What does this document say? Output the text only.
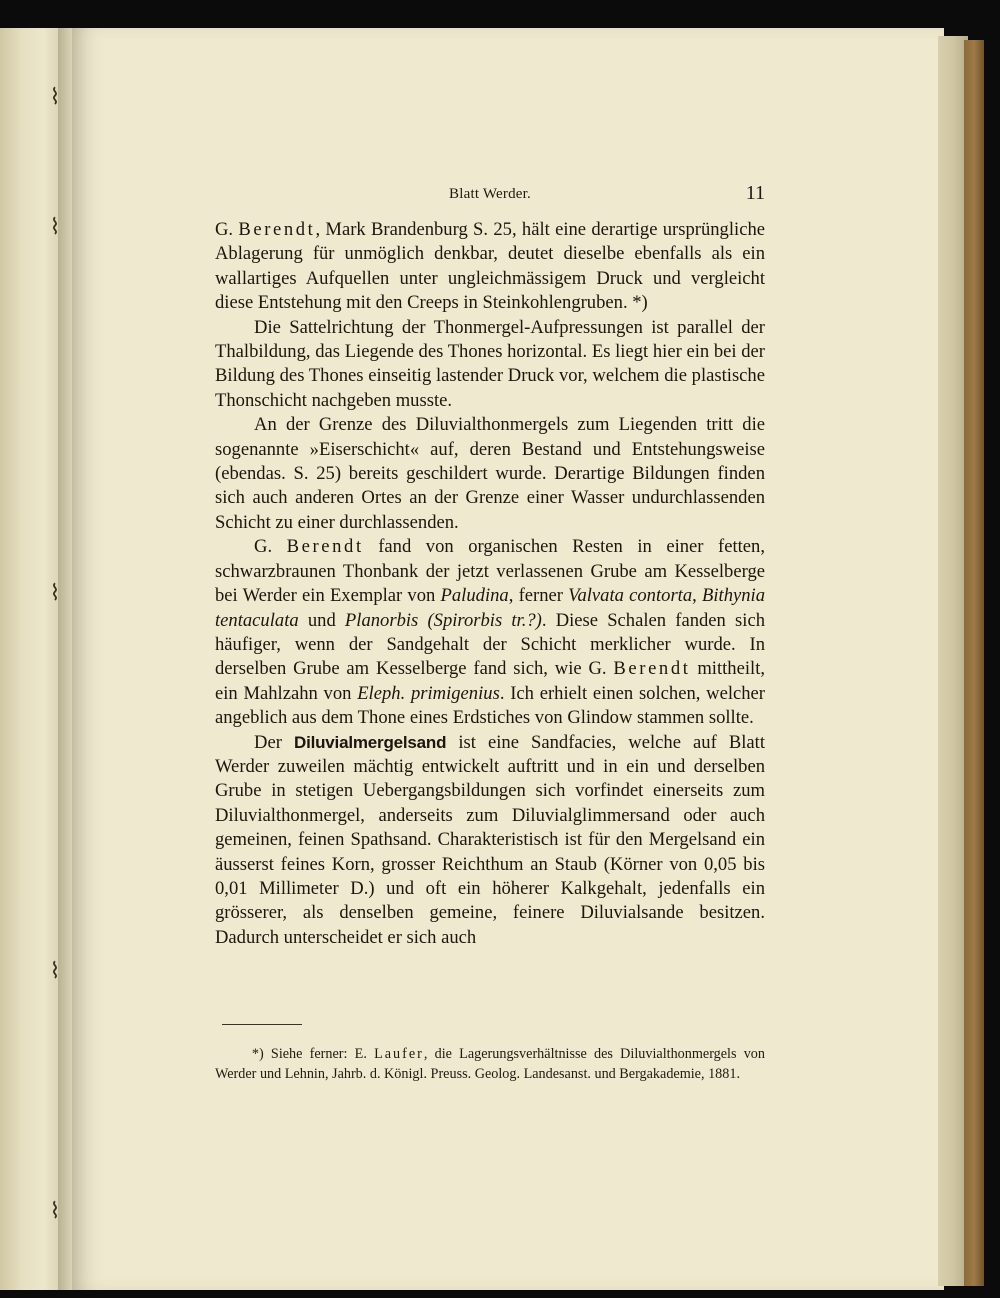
⌇
⌇
⌇
⌇
⌇
Blatt Werder.	11

G. Berendt, Mark Brandenburg S. 25, hält eine derartige ursprüngliche Ablagerung für unmöglich denkbar, deutet dieselbe ebenfalls als ein wallartiges Aufquellen unter ungleichmässigem Druck und vergleicht diese Entstehung mit den Creeps in Steinkohlengruben. *)

Die Sattelrichtung der Thonmergel-Aufpressungen ist parallel der Thalbildung, das Liegende des Thones horizontal. Es liegt hier ein bei der Bildung des Thones einseitig lastender Druck vor, welchem die plastische Thonschicht nachgeben musste.

An der Grenze des Diluvialthonmergels zum Liegenden tritt die sogenannte »Eiserschicht« auf, deren Bestand und Entstehungsweise (ebendas. S. 25) bereits geschildert wurde. Derartige Bildungen finden sich auch anderen Ortes an der Grenze einer Wasser undurchlassenden Schicht zu einer durchlassenden.

G. Berendt fand von organischen Resten in einer fetten, schwarzbraunen Thonbank der jetzt verlassenen Grube am Kesselberge bei Werder ein Exemplar von Paludina, ferner Valvata contorta, Bithynia tentaculata und Planorbis (Spirorbis tr.?). Diese Schalen fanden sich häufiger, wenn der Sandgehalt der Schicht merklicher wurde. In derselben Grube am Kesselberge fand sich, wie G. Berendt mittheilt, ein Mahlzahn von Eleph. primigenius. Ich erhielt einen solchen, welcher angeblich aus dem Thone eines Erdstiches von Glindow stammen sollte.

Der Diluvialmergelsand ist eine Sandfacies, welche auf Blatt Werder zuweilen mächtig entwickelt auftritt und in ein und derselben Grube in stetigen Uebergangsbildungen sich vorfindet einerseits zum Diluvialthonmergel, anderseits zum Diluvialglimmersand oder auch gemeinen, feinen Spathsand. Charakteristisch ist für den Mergelsand ein äusserst feines Korn, grosser Reichthum an Staub (Körner von 0,05 bis 0,01 Millimeter D.) und oft ein höherer Kalkgehalt, jedenfalls ein grösserer, als denselben gemeine, feinere Diluvialsande besitzen. Dadurch unterscheidet er sich auch

*) Siehe ferner: E. Laufer, die Lagerungsverhältnisse des Diluvialthonmergels von Werder und Lehnin, Jahrb. d. Königl. Preuss. Geolog. Landesanst. und Bergakademie, 1881.
